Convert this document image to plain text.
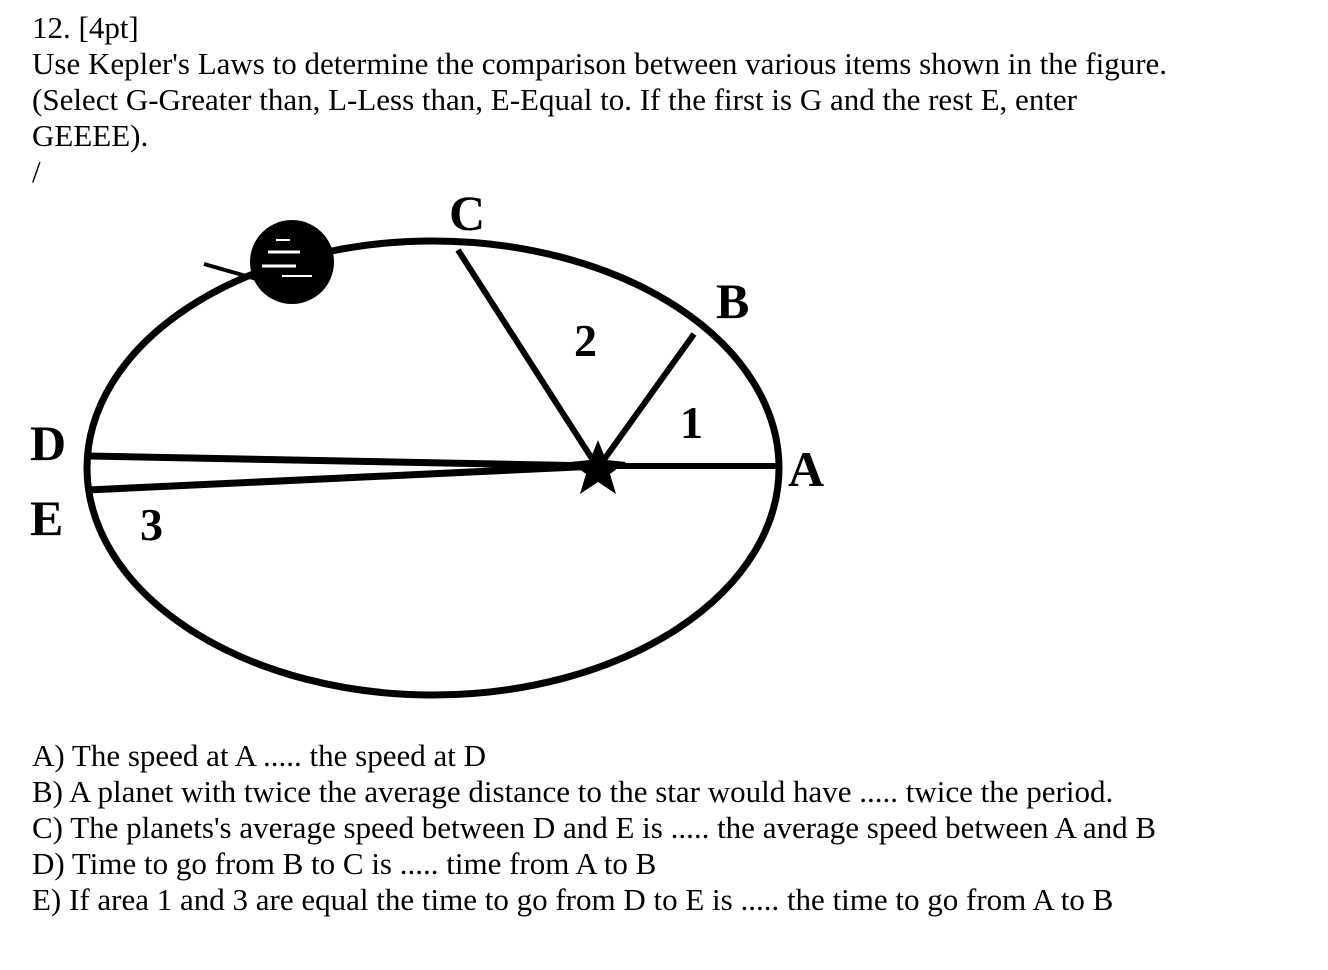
12. [4pt]
Use Kepler's Laws to determine the comparison between various items shown in the figure.
(Select G-Greater than, L-Less than, E-Equal to. If the first is G and the rest E, enter
GEEEE).
/
C
B
A
D
E
2
1
3
A) The speed at A ..... the speed at D
B) A planet with twice the average distance to the star would have ..... twice the period.
C) The planets's average speed between D and E is ..... the average speed between A and B
D) Time to go from B to C is ..... time from A to B
E) If area 1 and 3 are equal the time to go from D to E is ..... the time to go from A to B
